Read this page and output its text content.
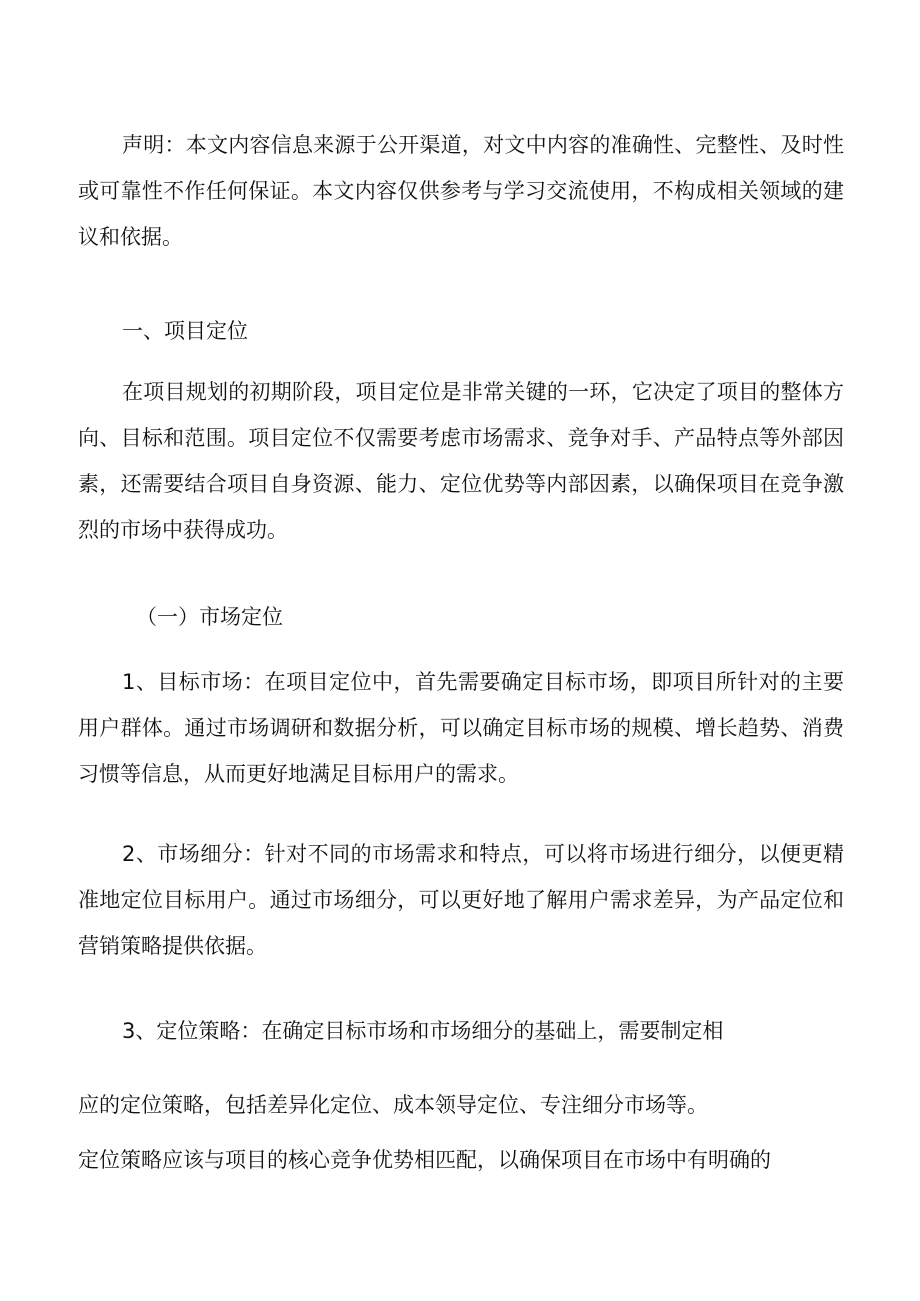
声明：本文内容信息来源于公开渠道，对文中内容的准确性、完整性、及时性或可靠性不作任何保证。本文内容仅供参考与学习交流使用，不构成相关领域的建议和依据。

一、项目定位

在项目规划的初期阶段，项目定位是非常关键的一环，它决定了项目的整体方向、目标和范围。项目定位不仅需要考虑市场需求、竞争对手、产品特点等外部因素，还需要结合项目自身资源、能力、定位优势等内部因素，以确保项目在竞争激烈的市场中获得成功。

（一）市场定位

1、目标市场：在项目定位中，首先需要确定目标市场，即项目所针对的主要用户群体。通过市场调研和数据分析，可以确定目标市场的规模、增长趋势、消费习惯等信息，从而更好地满足目标用户的需求。

2、市场细分：针对不同的市场需求和特点，可以将市场进行细分，以便更精准地定位目标用户。通过市场细分，可以更好地了解用户需求差异，为产品定位和营销策略提供依据。

3、定位策略：在确定目标市场和市场细分的基础上，需要制定相
应的定位策略，包括差异化定位、成本领导定位、专注细分市场等。
定位策略应该与项目的核心竞争优势相匹配，以确保项目在市场中有明确的
